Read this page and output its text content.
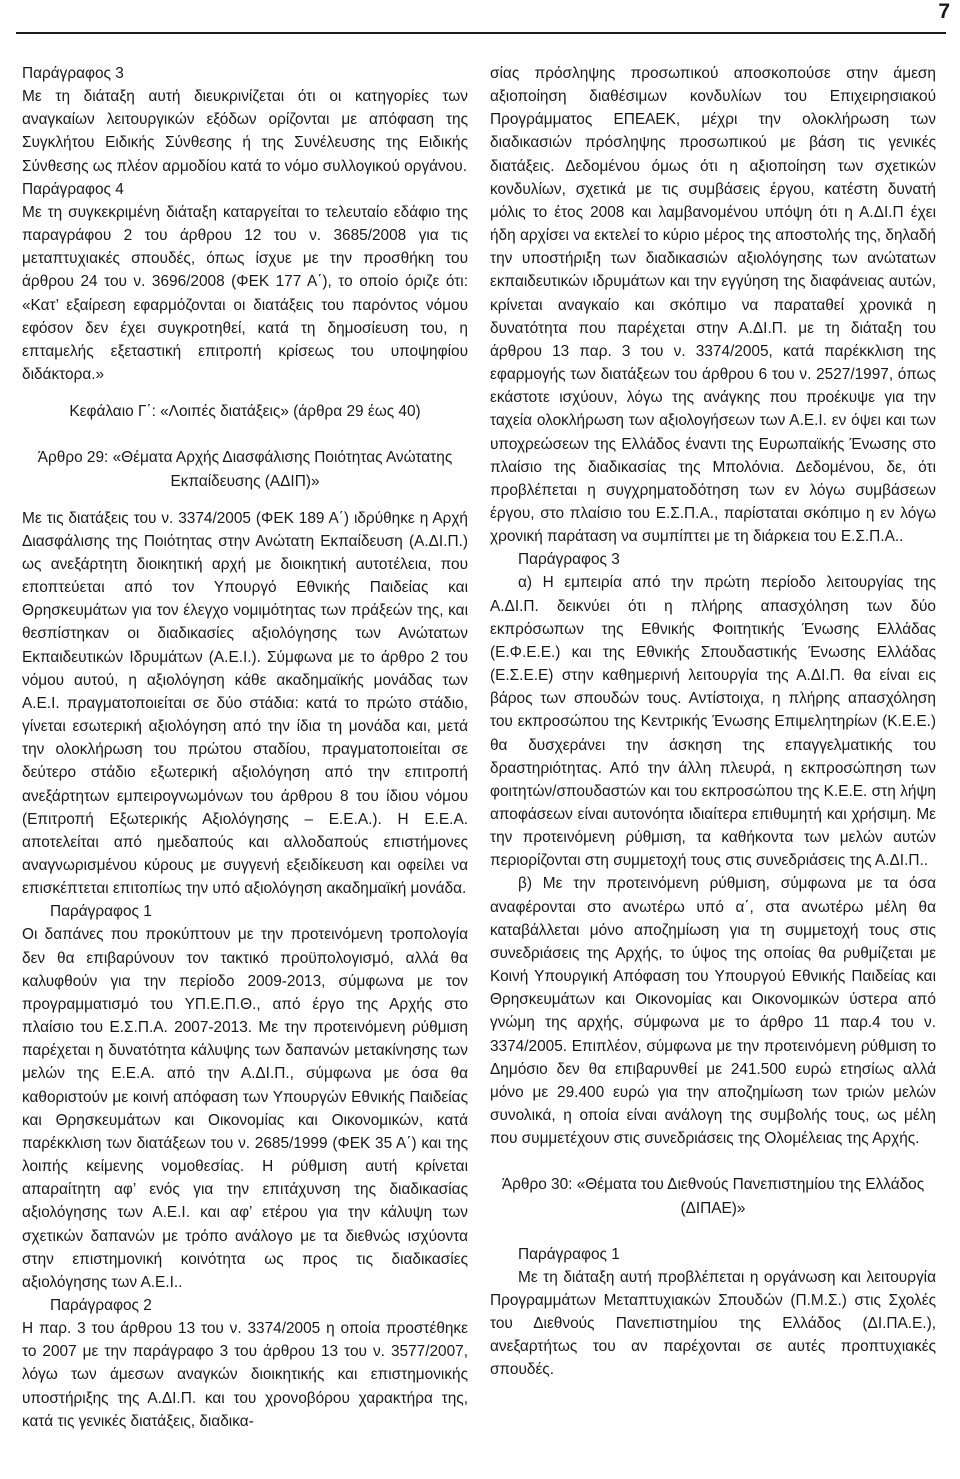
7

Παράγραφος 3

Με τη διάταξη αυτή διευκρινίζεται ότι οι κατηγορίες των αναγκαίων λειτουργικών εξόδων ορίζονται με απόφαση της Συγκλήτου Ειδικής Σύνθεσης ή της Συνέλευσης της Ειδικής Σύνθεσης ως πλέον αρμοδίου κατά το νόμο συλλογικού οργάνου.

Παράγραφος 4

Με τη συγκεκριμένη διάταξη καταργείται το τελευταίο εδάφιο της παραγράφου 2 του άρθρου 12 του ν. 3685/2008 για τις μεταπτυχιακές σπουδές, όπως ίσχυε με την προσθήκη του άρθρου 24 του ν. 3696/2008 (ΦΕΚ 177 Α΄), το οποίο όριζε ότι: «Κατ’ εξαίρεση εφαρμόζονται οι διατάξεις του παρόντος νόμου εφόσον δεν έχει συγκροτηθεί, κατά τη δημοσίευση του, η επταμελής εξεταστική επιτροπή κρίσεως του υποψηφίου διδάκτορα.»

Κεφάλαιο Γ΄: «Λοιπές διατάξεις» (άρθρα 29 έως 40)

Άρθρο 29: «Θέματα Αρχής Διασφάλισης Ποιότητας Ανώτατης Εκπαίδευσης (ΑΔΙΠ)»

Με τις διατάξεις του ν. 3374/2005 (ΦΕΚ 189 Α΄) ιδρύθηκε η Αρχή Διασφάλισης της Ποιότητας στην Ανώτατη Εκπαίδευση (Α.ΔΙ.Π.) ως ανεξάρτητη διοικητική αρχή με διοικητική αυτοτέλεια, που εποπτεύεται από τον Υπουργό Εθνικής Παιδείας και Θρησκευμάτων για τον έλεγχο νομιμότητας των πράξεών της, και θεσπίστηκαν οι διαδικασίες αξιολόγησης των Ανώτατων Εκπαιδευτικών Ιδρυμάτων (Α.Ε.Ι.). Σύμφωνα με το άρθρο 2 του νόμου αυτού, η αξιολόγηση κάθε ακαδημαϊκής μονάδας των Α.Ε.Ι. πραγματοποιείται σε δύο στάδια: κατά το πρώτο στάδιο, γίνεται εσωτερική αξιολόγηση από την ίδια τη μονάδα και, μετά την ολοκλήρωση του πρώτου σταδίου, πραγματοποιείται σε δεύτερο στάδιο εξωτερική αξιολόγηση από την επιτροπή ανεξάρτητων εμπειρογνωμόνων του άρθρου 8 του ίδιου νόμου (Επιτροπή Εξωτερικής Αξιολόγησης – Ε.Ε.Α.). Η Ε.Ε.Α. αποτελείται από ημεδαπούς και αλλοδαπούς επιστήμονες αναγνωρισμένου κύρους με συγγενή εξειδίκευση και οφείλει να επισκέπτεται επιτοπίως την υπό αξιολόγηση ακαδημαϊκή μονάδα.

Παράγραφος 1

Οι δαπάνες που προκύπτουν με την προτεινόμενη τροπολογία δεν θα επιβαρύνουν τον τακτικό προϋπολογισμό, αλλά θα καλυφθούν για την περίοδο 2009-2013, σύμφωνα με τον προγραμματισμό του ΥΠ.Ε.Π.Θ., από έργο της Αρχής στο πλαίσιο του Ε.Σ.Π.Α. 2007-2013. Με την προτεινόμενη ρύθμιση παρέχεται η δυνατότητα κάλυψης των δαπανών μετακίνησης των μελών της Ε.Ε.Α. από την Α.ΔΙ.Π., σύμφωνα με όσα θα καθοριστούν με κοινή απόφαση των Υπουργών Εθνικής Παιδείας και Θρησκευμάτων και Οικονομίας και Οικονομικών, κατά παρέκκλιση των διατάξεων του ν. 2685/1999 (ΦΕΚ 35 Α΄) και της λοιπής κείμενης νομοθεσίας. Η ρύθμιση αυτή κρίνεται απαραίτητη αφ’ ενός για την επιτάχυνση της διαδικασίας αξιολόγησης των Α.Ε.Ι. και αφ’ ετέρου για την κάλυψη των σχετικών δαπανών με τρόπο ανάλογο με τα διεθνώς ισχύοντα στην επιστημονική κοινότητα ως προς τις διαδικασίες αξιολόγησης των Α.Ε.Ι..

Παράγραφος 2

Η παρ. 3 του άρθρου 13 του ν. 3374/2005 η οποία προστέθηκε το 2007 με την παράγραφο 3 του άρθρου 13 του ν. 3577/2007, λόγω των άμεσων αναγκών διοικητικής και επιστημονικής υποστήριξης της Α.ΔΙ.Π. και του χρονοβόρου χαρακτήρα της, κατά τις γενικές διατάξεις, διαδικα-

σίας πρόσληψης προσωπικού αποσκοπούσε στην άμεση αξιοποίηση διαθέσιμων κονδυλίων του Επιχειρησιακού Προγράμματος ΕΠΕΑΕΚ, μέχρι την ολοκλήρωση των διαδικασιών πρόσληψης προσωπικού με βάση τις γενικές διατάξεις. Δεδομένου όμως ότι η αξιοποίηση των σχετικών κονδυλίων, σχετικά με τις συμβάσεις έργου, κατέστη δυνατή μόλις το έτος 2008 και λαμβανομένου υπόψη ότι η Α.ΔΙ.Π έχει ήδη αρχίσει να εκτελεί το κύριο μέρος της αποστολής της, δηλαδή την υποστήριξη των διαδικασιών αξιολόγησης των ανώτατων εκπαιδευτικών ιδρυμάτων και την εγγύηση της διαφάνειας αυτών, κρίνεται αναγκαίο και σκόπιμο να παραταθεί χρονικά η δυνατότητα που παρέχεται στην Α.ΔΙ.Π. με τη διάταξη του άρθρου 13 παρ. 3 του ν. 3374/2005, κατά παρέκκλιση της εφαρμογής των διατάξεων του άρθρου 6 του ν. 2527/1997, όπως εκάστοτε ισχύουν, λόγω της ανάγκης που προέκυψε για την ταχεία ολοκλήρωση των αξιολογήσεων των Α.Ε.Ι. εν όψει και των υποχρεώσεων της Ελλάδος έναντι της Ευρωπαϊκής Ένωσης στο πλαίσιο της διαδικασίας της Μπολόνια. Δεδομένου, δε, ότι προβλέπεται η συγχρηματοδότηση των εν λόγω συμβάσεων έργου, στο πλαίσιο του Ε.Σ.Π.Α., παρίσταται σκόπιμο η εν λόγω χρονική παράταση να συμπίπτει με τη διάρκεια του Ε.Σ.Π.Α..

Παράγραφος 3

α) Η εμπειρία από την πρώτη περίοδο λειτουργίας της Α.ΔΙ.Π. δεικνύει ότι η πλήρης απασχόληση των δύο εκπρόσωπων της Εθνικής Φοιτητικής Ένωσης Ελλάδας (Ε.Φ.Ε.Ε.) και της Εθνικής Σπουδαστικής Ένωσης Ελλάδας (Ε.Σ.Ε.Ε) στην καθημερινή λειτουργία της Α.ΔΙ.Π. θα είναι εις βάρος των σπουδών τους. Αντίστοιχα, η πλήρης απασχόληση του εκπροσώπου της Κεντρικής Ένωσης Επιμελητηρίων (Κ.Ε.Ε.) θα δυσχεράνει την άσκηση της επαγγελματικής του δραστηριότητας. Από την άλλη πλευρά, η εκπροσώπηση των φοιτητών/σπουδαστών και του εκπροσώπου της Κ.Ε.Ε. στη λήψη αποφάσεων είναι αυτονόητα ιδιαίτερα επιθυμητή και χρήσιμη. Με την προτεινόμενη ρύθμιση, τα καθήκοντα των μελών αυτών περιορίζονται στη συμμετοχή τους στις συνεδριάσεις της Α.ΔΙ.Π..

β) Με την προτεινόμενη ρύθμιση, σύμφωνα με τα όσα αναφέρονται στο ανωτέρω υπό α΄, στα ανωτέρω μέλη θα καταβάλλεται μόνο αποζημίωση για τη συμμετοχή τους στις συνεδριάσεις της Αρχής, το ύψος της οποίας θα ρυθμίζεται με Κοινή Υπουργική Απόφαση του Υπουργού Εθνικής Παιδείας και Θρησκευμάτων και Οικονομίας και Οικονομικών ύστερα από γνώμη της αρχής, σύμφωνα με το άρθρο 11 παρ.4 του ν. 3374/2005. Επιπλέον, σύμφωνα με την προτεινόμενη ρύθμιση το Δημόσιο δεν θα επιβαρυνθεί με 241.500 ευρώ ετησίως αλλά μόνο με 29.400 ευρώ για την αποζημίωση των τριών μελών συνολικά, η οποία είναι ανάλογη της συμβολής τους, ως μέλη που συμμετέχουν στις συνεδριάσεις της Ολομέλειας της Αρχής.

Άρθρο 30: «Θέματα του Διεθνούς Πανεπιστημίου της Ελλάδος (ΔΙΠΑΕ)»

Παράγραφος 1

Με τη διάταξη αυτή προβλέπεται η οργάνωση και λειτουργία Προγραμμάτων Μεταπτυχιακών Σπουδών (Π.Μ.Σ.) στις Σχολές του Διεθνούς Πανεπιστημίου της Ελλάδος (ΔΙ.ΠΑ.Ε.), ανεξαρτήτως του αν παρέχονται σε αυτές προπτυχιακές σπουδές.
